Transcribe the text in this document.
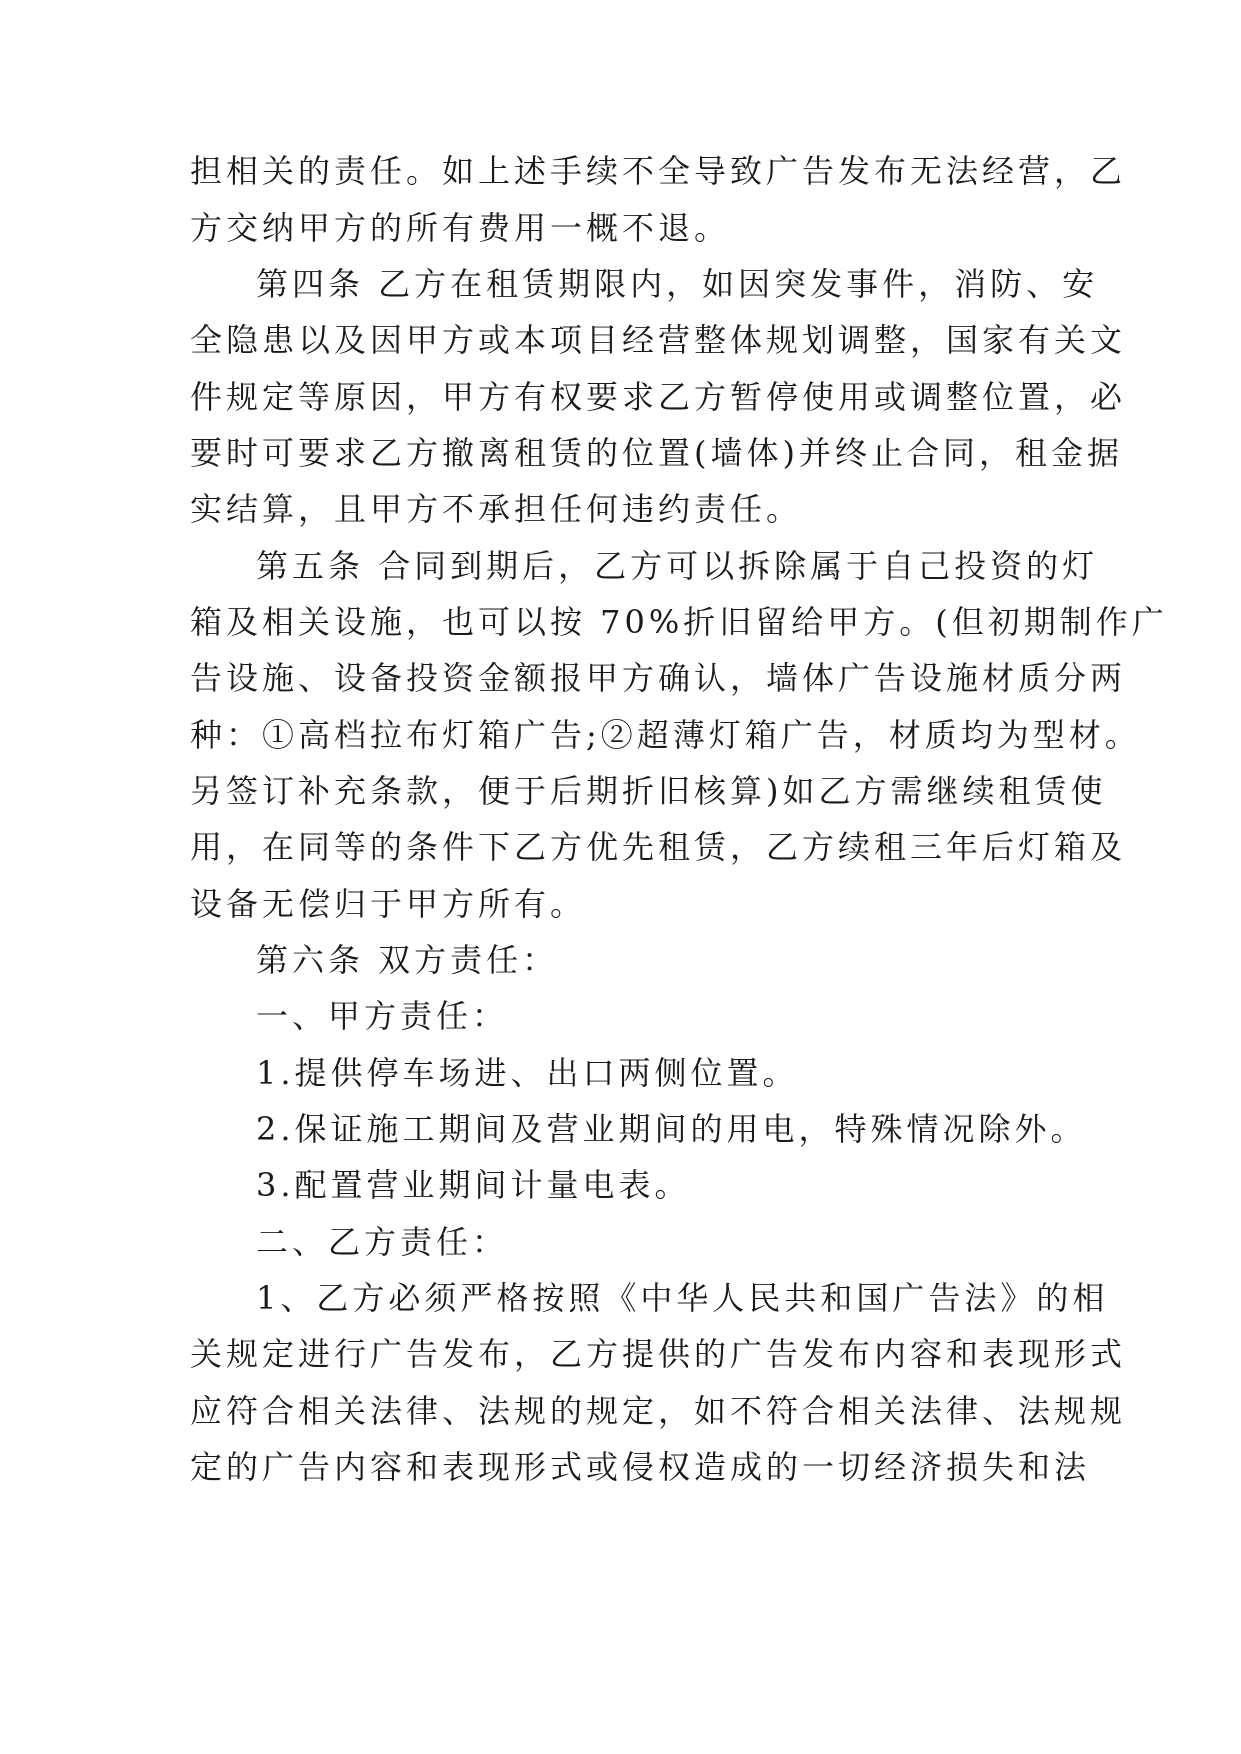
担相关的责任。如上述手续不全导致广告发布无法经营，乙
方交纳甲方的所有费用一概不退。
第四条 乙方在租赁期限内，如因突发事件，消防、安
全隐患以及因甲方或本项目经营整体规划调整，国家有关文
件规定等原因，甲方有权要求乙方暂停使用或调整位置，必
要时可要求乙方撤离租赁的位置(墙体)并终止合同，租金据
实结算，且甲方不承担任何违约责任。
第五条 合同到期后，乙方可以拆除属于自己投资的灯
箱及相关设施，也可以按 70%折旧留给甲方。(但初期制作广
告设施、设备投资金额报甲方确认，墙体广告设施材质分两
种：①高档拉布灯箱广告;②超薄灯箱广告，材质均为型材。
另签订补充条款，便于后期折旧核算)如乙方需继续租赁使
用，在同等的条件下乙方优先租赁，乙方续租三年后灯箱及
设备无偿归于甲方所有。
第六条 双方责任：
一、甲方责任：
1.提供停车场进、出口两侧位置。
2.保证施工期间及营业期间的用电，特殊情况除外。
3.配置营业期间计量电表。
二、乙方责任：
1、乙方必须严格按照《中华人民共和国广告法》的相
关规定进行广告发布，乙方提供的广告发布内容和表现形式
应符合相关法律、法规的规定，如不符合相关法律、法规规
定的广告内容和表现形式或侵权造成的一切经济损失和法
